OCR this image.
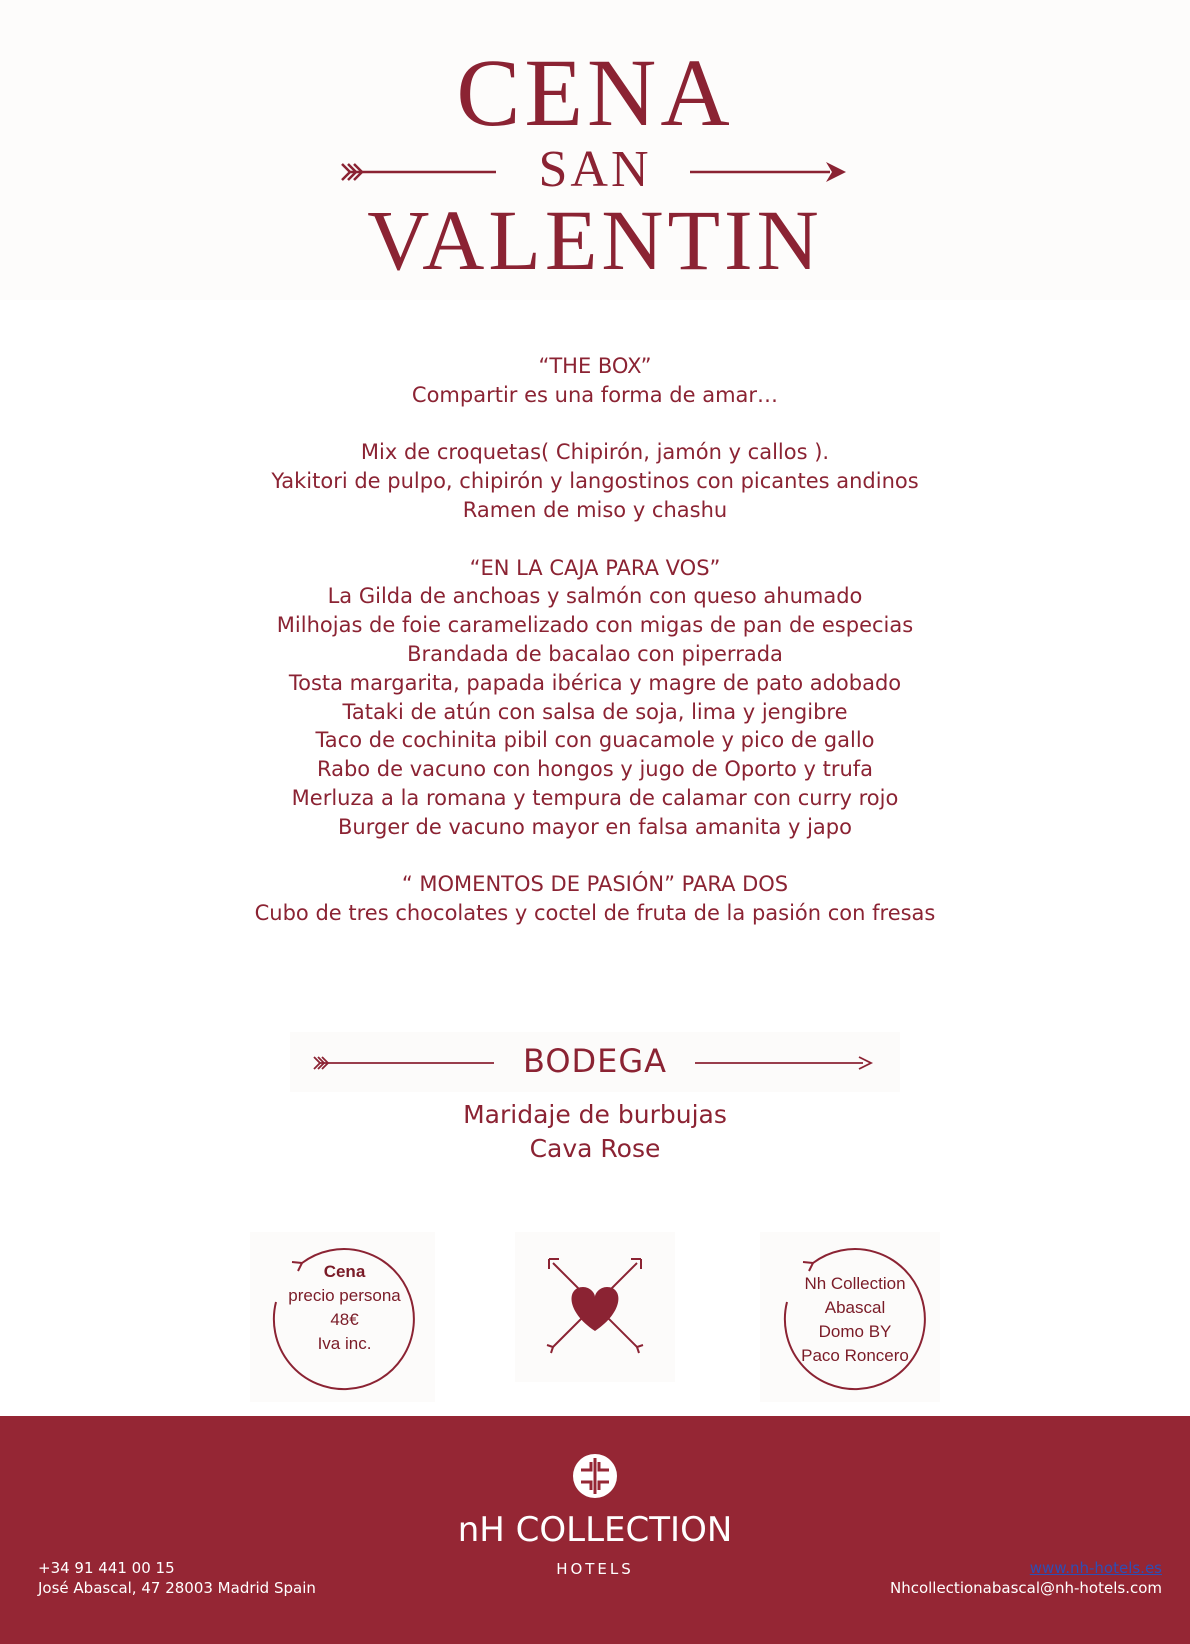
CENA
SAN
VALENTIN
“THE BOX”
Compartir es una forma de amar…
Mix de croquetas( Chipirón, jamón y callos ).
Yakitori de pulpo, chipirón y langostinos con picantes andinos
Ramen de miso y chashu
“EN LA CAJA PARA VOS”
La Gilda de anchoas y salmón con queso ahumado
Milhojas de foie caramelizado con migas de pan de especias
Brandada de bacalao con piperrada
Tosta margarita, papada ibérica y magre de pato adobado
Tataki de atún con salsa de soja, lima y jengibre
Taco de cochinita pibil con guacamole y pico de gallo
Rabo de vacuno con hongos y jugo de Oporto y trufa
Merluza a la romana y tempura de calamar con curry rojo
Burger de vacuno mayor en falsa amanita y japo
“ MOMENTOS DE PASIÓN” PARA DOS
Cubo de tres chocolates y coctel de fruta de la pasión con fresas
BODEGA
Maridaje de burbujas
Cava Rose
Cena
precio persona
48€
Iva inc.
Nh Collection
Abascal
Domo BY
Paco Roncero
nH COLLECTION
HOTELS
+34 91 441 00 15
José Abascal, 47 28003 Madrid Spain
www.nh-hotels.es
Nhcollectionabascal@nh-hotels.com
